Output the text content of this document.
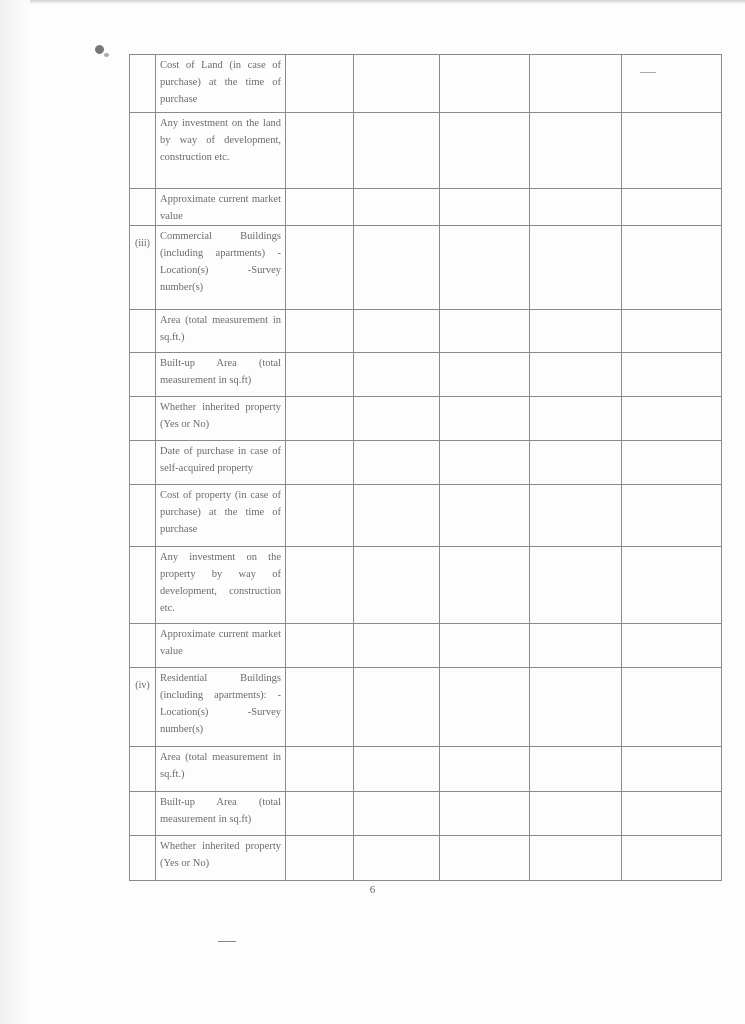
	Cost of Land (in case of purchase) at the time of purchase					
	Any investment on the land by way of development, construction etc.					
	Approximate current market value					
(iii)	Commercial Buildings (including apartments) -Location(s) -Survey number(s)					
	Area (total measurement in sq.ft.)					
	Built-up Area (total measurement in sq.ft)					
	Whether inherited property (Yes or No)					
	Date of purchase in case of self-acquired property					
	Cost of property (in case of purchase) at the time of purchase					
	Any investment on the property by way of development, construction etc.					
	Approximate current market value					
(iv)	Residential Buildings (including apartments): -Location(s) -Survey number(s)					
	Area (total measurement in sq.ft.)					
	Built-up Area (total measurement in sq.ft)					
	Whether inherited property (Yes or No)					
6
